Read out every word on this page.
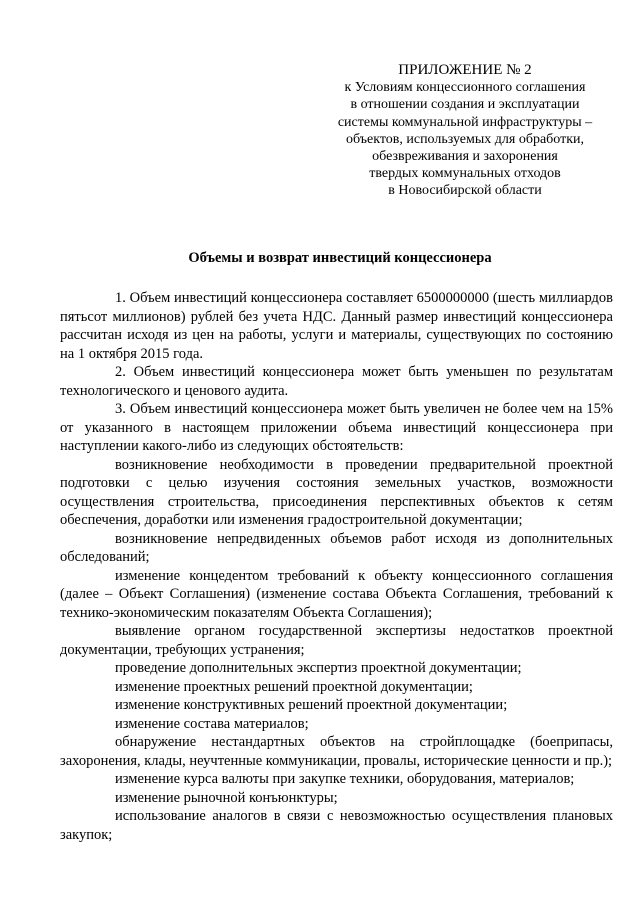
ПРИЛОЖЕНИЕ № 2
к Условиям концессионного соглашения
в отношении создания и эксплуатации
системы коммунальной инфраструктуры –
объектов, используемых для обработки,
обезвреживания и захоронения
твердых коммунальных отходов
в Новосибирской области
Объемы и возврат инвестиций концессионера

1. Объем инвестиций концессионера составляет 6500000000 (шесть миллиардов пятьсот миллионов) рублей без учета НДС. Данный размер инвестиций концессионера рассчитан исходя из цен на работы, услуги и материалы, существующих по состоянию на 1 октября 2015 года.

2. Объем инвестиций концессионера может быть уменьшен по результатам технологического и ценового аудита.

3. Объем инвестиций концессионера может быть увеличен не более чем на 15% от указанного в настоящем приложении объема инвестиций концессионера при наступлении какого-либо из следующих обстоятельств:

возникновение необходимости в проведении предварительной проектной подготовки с целью изучения состояния земельных участков, возможности осуществления строительства, присоединения перспективных объектов к сетям обеспечения, доработки или изменения градостроительной документации;

возникновение непредвиденных объемов работ исходя из дополнительных обследований;

изменение концедентом требований к объекту концессионного соглашения (далее – Объект Соглашения) (изменение состава Объекта Соглашения, требований к технико-экономическим показателям Объекта Соглашения);

выявление органом государственной экспертизы недостатков проектной документации, требующих устранения;

проведение дополнительных экспертиз проектной документации;

изменение проектных решений проектной документации;

изменение конструктивных решений проектной документации;

изменение состава материалов;

обнаружение нестандартных объектов на стройплощадке (боеприпасы, захоронения, клады, неучтенные коммуникации, провалы, исторические ценности и пр.);

изменение курса валюты при закупке техники, оборудования, материалов;

изменение рыночной конъюнктуры;

использование аналогов в связи с невозможностью осуществления плановых закупок;
